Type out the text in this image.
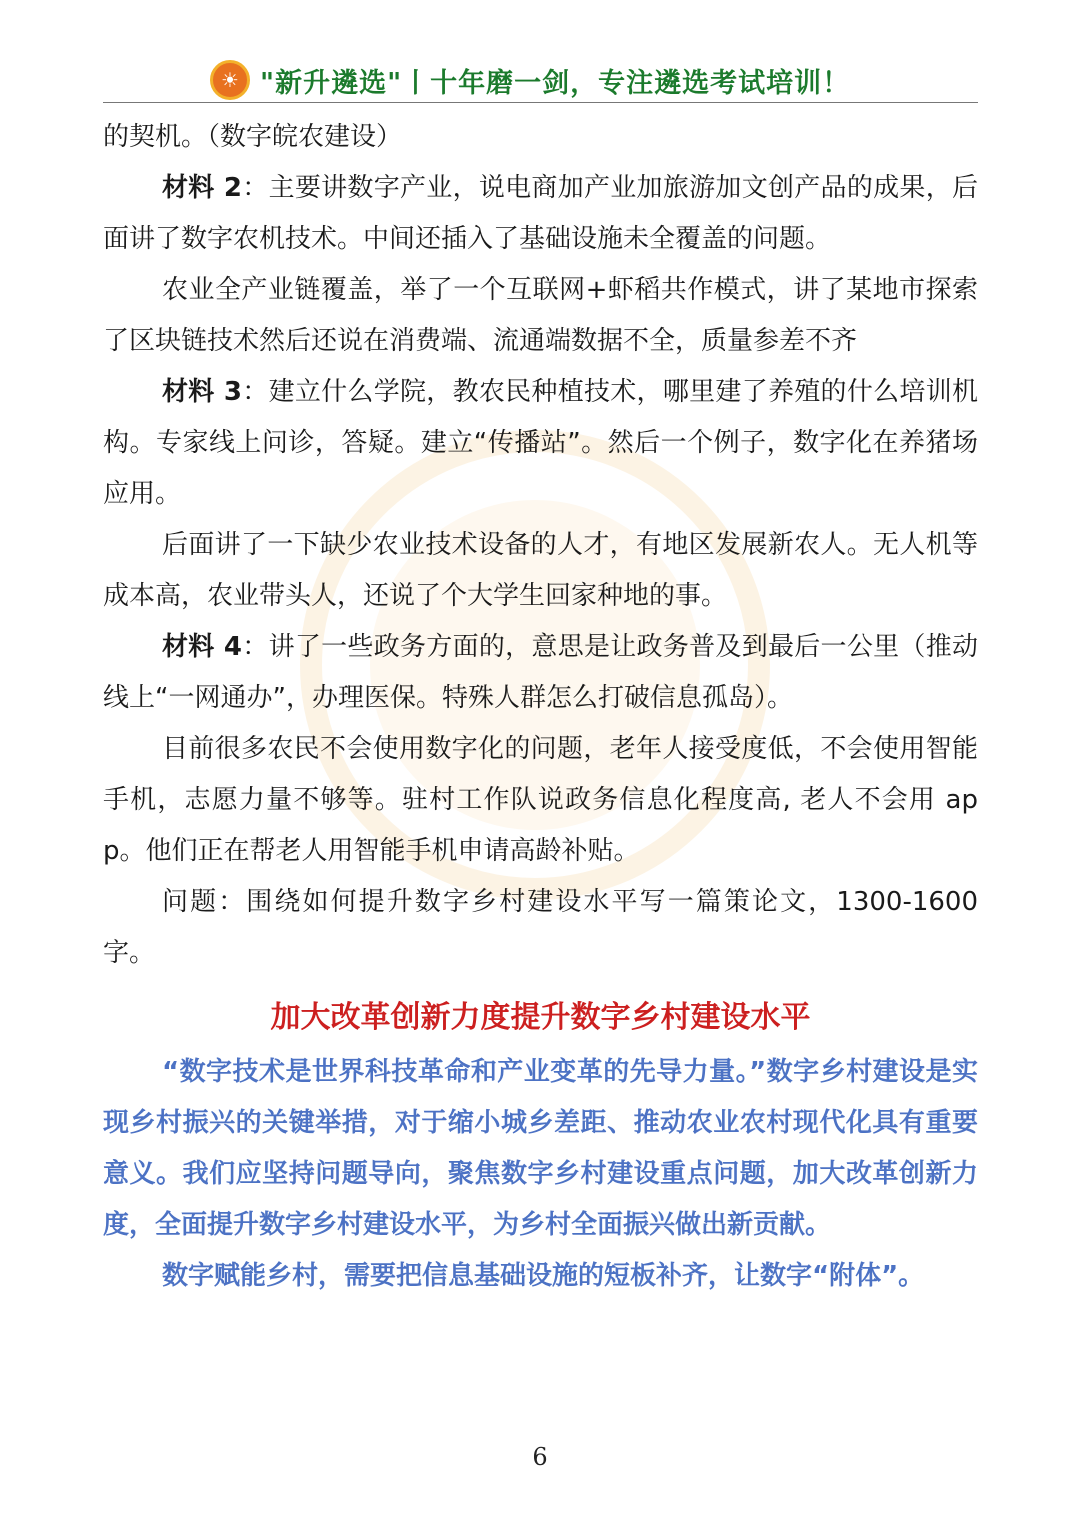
☀ "新升遴选"丨十年磨一剑，专注遴选考试培训！

的契机。（数字皖农建设）

材料 2：主要讲数字产业，说电商加产业加旅游加文创产品的成果，后面讲了数字农机技术。中间还插入了基础设施未全覆盖的问题。

农业全产业链覆盖，举了一个互联网+虾稻共作模式，讲了某地市探索了区块链技术然后还说在消费端、流通端数据不全，质量参差不齐

材料 3：建立什么学院，教农民种植技术，哪里建了养殖的什么培训机构。专家线上问诊，答疑。建立“传播站”。然后一个例子，数字化在养猪场应用。

后面讲了一下缺少农业技术设备的人才，有地区发展新农人。无人机等成本高，农业带头人，还说了个大学生回家种地的事。

材料 4：讲了一些政务方面的，意思是让政务普及到最后一公里（推动线上“一网通办”，办理医保。特殊人群怎么打破信息孤岛）。

目前很多农民不会使用数字化的问题，老年人接受度低，不会使用智能手机，志愿力量不够等。驻村工作队说政务信息化程度高, 老人不会用 app。他们正在帮老人用智能手机申请高龄补贴。

问题：围绕如何提升数字乡村建设水平写一篇策论文，1300-1600字。

加大改革创新力度提升数字乡村建设水平

“数字技术是世界科技革命和产业变革的先导力量。”数字乡村建设是实现乡村振兴的关键举措，对于缩小城乡差距、推动农业农村现代化具有重要意义。我们应坚持问题导向，聚焦数字乡村建设重点问题，加大改革创新力度，全面提升数字乡村建设水平，为乡村全面振兴做出新贡献。

数字赋能乡村，需要把信息基础设施的短板补齐，让数字“附体”。

6
